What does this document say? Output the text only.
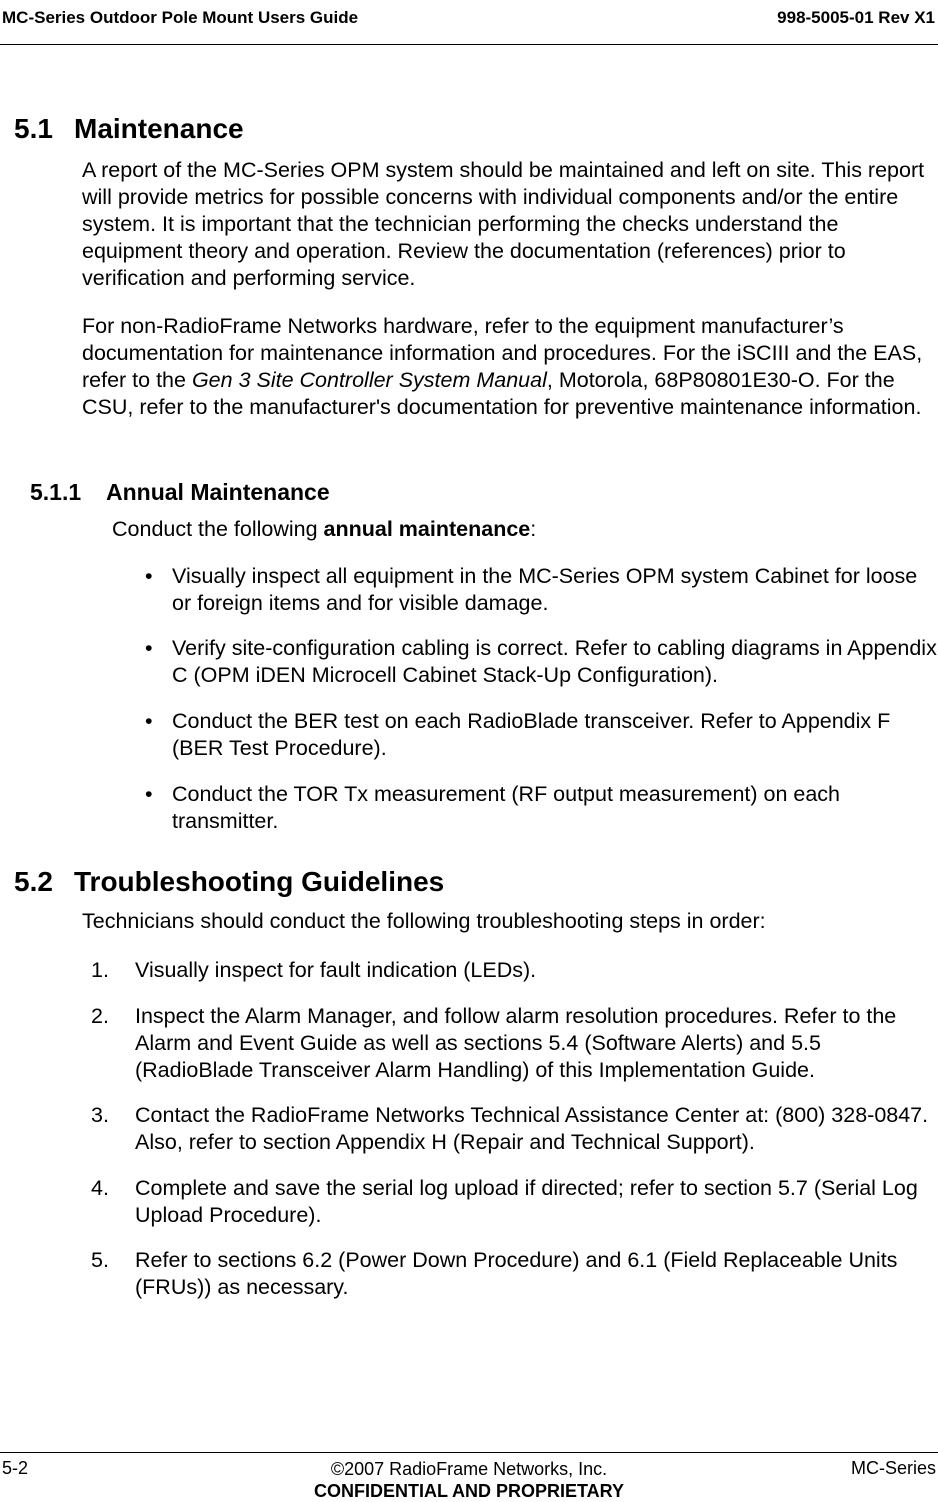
MC-Series Outdoor Pole Mount Users Guide	998-5005-01 Rev X1
5.1 Maintenance

A report of the MC-Series OPM system should be maintained and left on site. This report will provide metrics for possible concerns with individual components and/or the entire system. It is important that the technician performing the checks understand the equipment theory and operation. Review the documentation (references) prior to verification and performing service.

For non-RadioFrame Networks hardware, refer to the equipment manufacturer’s documentation for maintenance information and procedures. For the iSCIII and the EAS, refer to the Gen 3 Site Controller System Manual, Motorola, 68P80801E30-O. For the CSU, refer to the manufacturer's documentation for preventive maintenance information.

5.1.1 Annual Maintenance

Conduct the following annual maintenance:

• Visually inspect all equipment in the MC-Series OPM system Cabinet for loose or foreign items and for visible damage.

• Verify site-configuration cabling is correct. Refer to cabling diagrams in Appendix C (OPM iDEN Microcell Cabinet Stack-Up Configuration).

• Conduct the BER test on each RadioBlade transceiver. Refer to Appendix F (BER Test Procedure).

• Conduct the TOR Tx measurement (RF output measurement) on each transmitter.

5.2 Troubleshooting Guidelines

Technicians should conduct the following troubleshooting steps in order:

1. Visually inspect for fault indication (LEDs).

2. Inspect the Alarm Manager, and follow alarm resolution procedures. Refer to the Alarm and Event Guide as well as sections 5.4 (Software Alerts) and 5.5 (RadioBlade Transceiver Alarm Handling) of this Implementation Guide.

3. Contact the RadioFrame Networks Technical Assistance Center at: (800) 328-0847. Also, refer to section Appendix H (Repair and Technical Support).

4. Complete and save the serial log upload if directed; refer to section 5.7 (Serial Log Upload Procedure).

5. Refer to sections 6.2 (Power Down Procedure) and 6.1 (Field Replaceable Units (FRUs)) as necessary.

5-2	©2007 RadioFrame Networks, Inc.
CONFIDENTIAL AND PROPRIETARY
MC-Series
